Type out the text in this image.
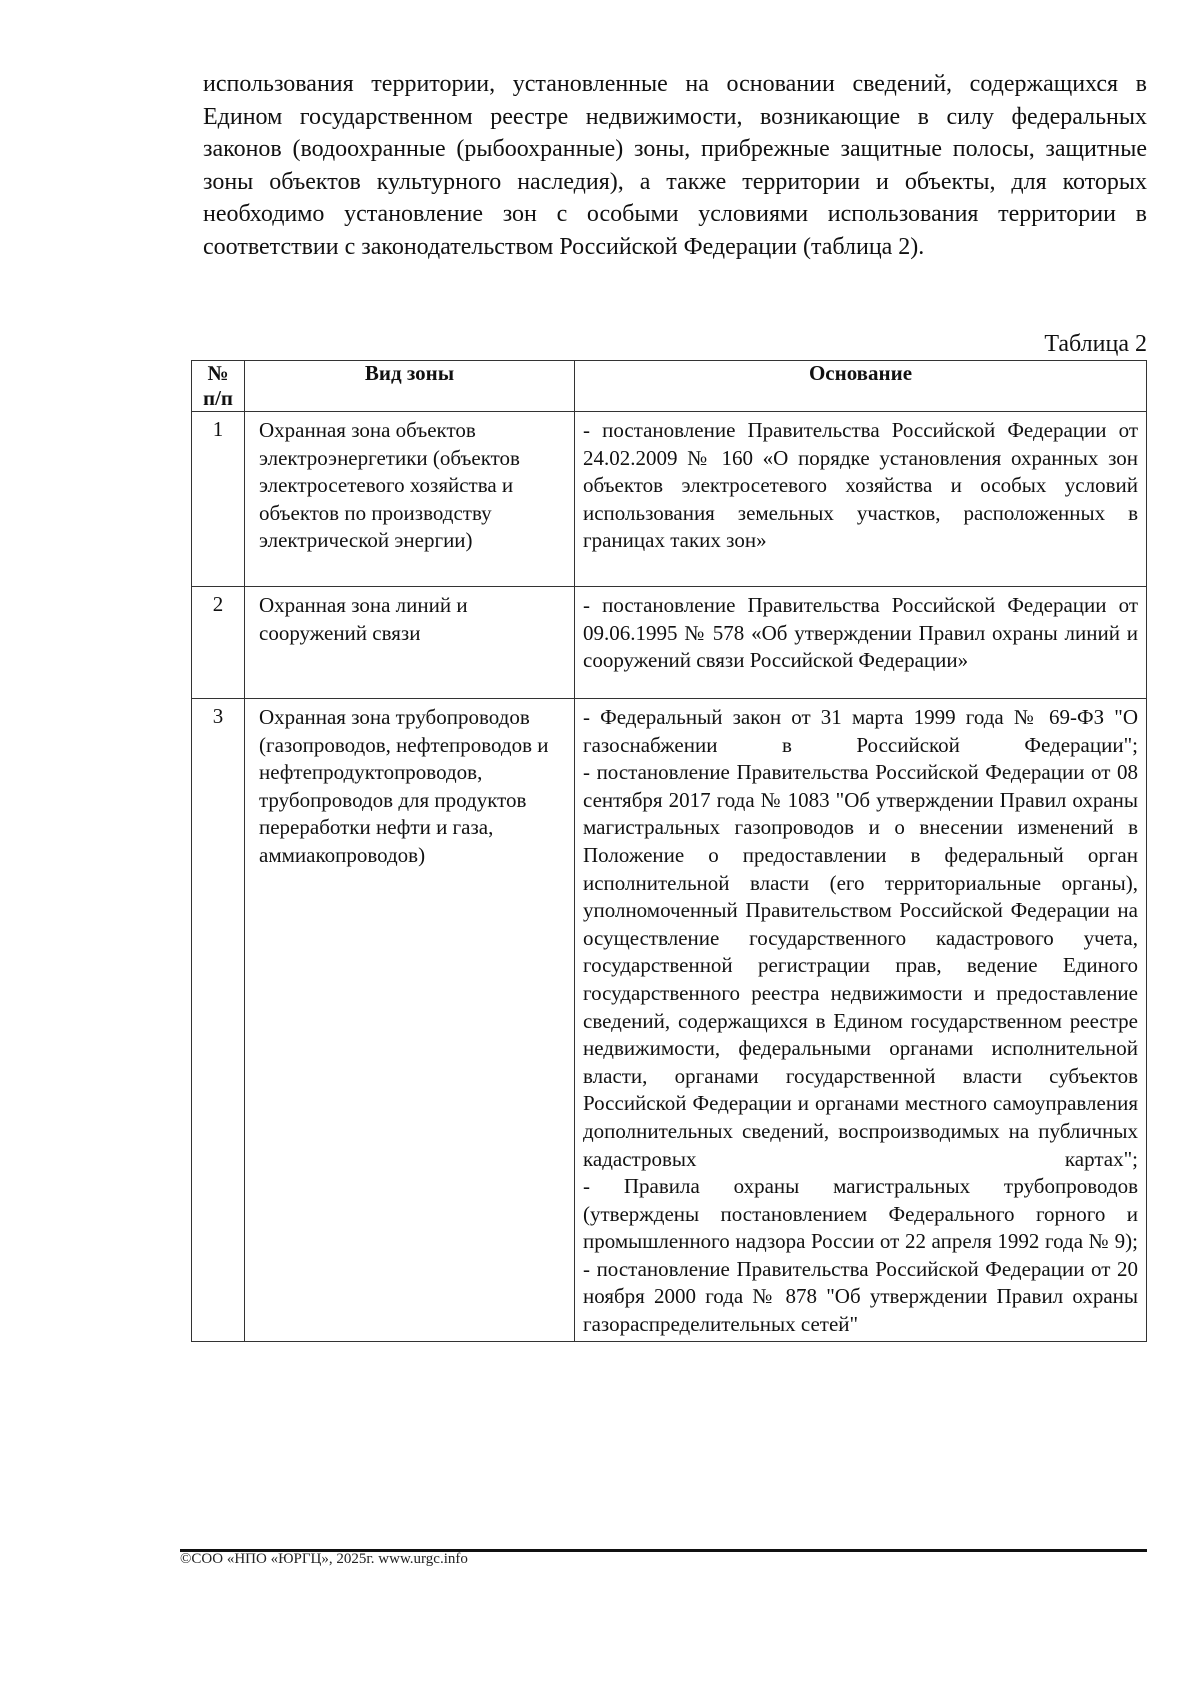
использования территории, установленные на основании сведений, содержащихся в Едином государственном реестре недвижимости, возникающие в силу федеральных законов (водоохранные (рыбоохранные) зоны, прибрежные защитные полосы, защитные зоны объектов культурного наследия), а также территории и объекты, для которых необходимо установление зон с особыми условиями использования территории в соответствии с законодательством Российской Федерации (таблица 2).

Таблица 2

№
п/п	Вид зоны	Основание
1	Охранная зона объектов электроэнергетики (объектов электросетевого хозяйства и объектов по производству электрической энергии)	- постановление Правительства Российской Федерации от 24.02.2009 № 160 «О порядке установления охранных зон объектов электросетевого хозяйства и особых условий использования земельных участков, расположенных в границах таких зон»

2	Охранная зона линий и сооружений связи	- постановление Правительства Российской Федерации от 09.06.1995 № 578 «Об утверждении Правил охраны линий и сооружений связи Российской Федерации»

3	Охранная зона трубопроводов (газопроводов, нефтепроводов и нефтепродуктопроводов, трубопроводов для продуктов переработки нефти и газа, аммиакопроводов)	- Федеральный закон от 31 марта 1999 года № 69-ФЗ "О газоснабжении в Российской Федерации";

- постановление Правительства Российской Федерации от 08 сентября 2017 года № 1083 "Об утверждении Правил охраны магистральных газопроводов и о внесении изменений в Положение о предоставлении в федеральный орган исполнительной власти (его территориальные органы), уполномоченный Правительством Российской Федерации на осуществление государственного кадастрового учета, государственной регистрации прав, ведение Единого государственного реестра недвижимости и предоставление сведений, содержащихся в Едином государственном реестре недвижимости, федеральными органами исполнительной власти, органами государственной власти субъектов Российской Федерации и органами местного самоуправления дополнительных сведений, воспроизводимых на публичных кадастровых картах";

- Правила охраны магистральных трубопроводов (утверждены постановлением Федерального горного и промышленного надзора России от 22 апреля 1992 года № 9);

- постановление Правительства Российской Федерации от 20 ноября 2000 года № 878 "Об утверждении Правил охраны газораспределительных сетей"

©СОО «НПО «ЮРГЦ», 2025г. www.urgc.info
